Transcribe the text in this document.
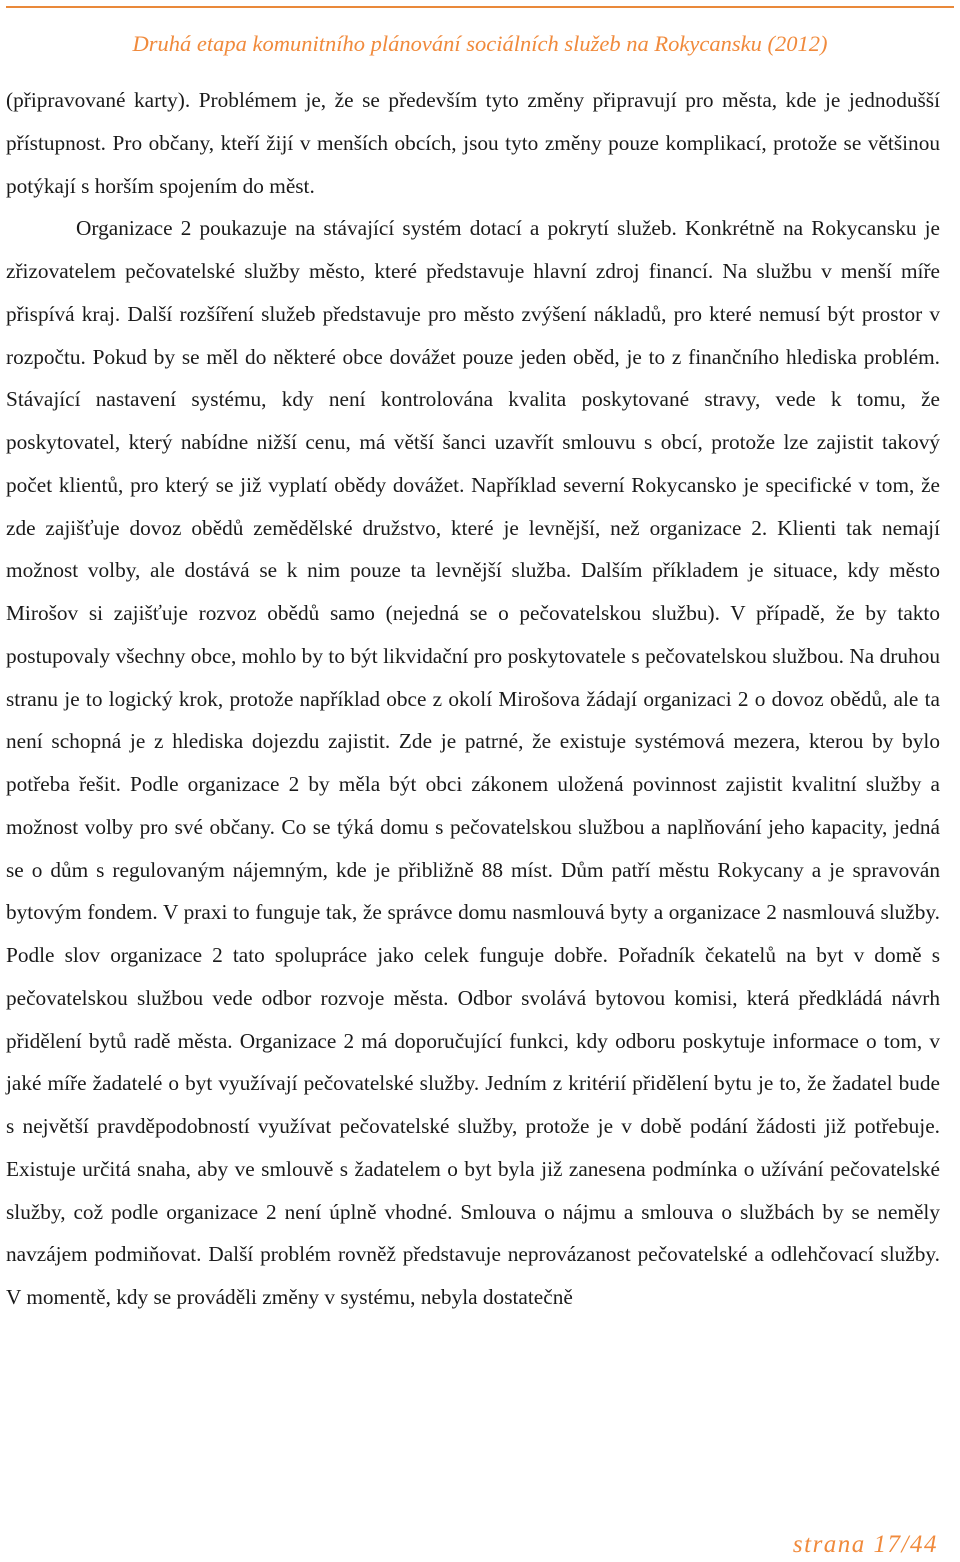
Druhá etapa komunitního plánování sociálních služeb na Rokycansku (2012)

(připravované karty). Problémem je, že se především tyto změny připravují pro města, kde je jednodušší přístupnost. Pro občany, kteří žijí v menších obcích, jsou tyto změny pouze komplikací, protože se většinou potýkají s horším spojením do měst.

Organizace 2 poukazuje na stávající systém dotací a pokrytí služeb. Konkrétně na Rokycansku je zřizovatelem pečovatelské služby město, které představuje hlavní zdroj financí. Na službu v menší míře přispívá kraj. Další rozšíření služeb představuje pro město zvýšení nákladů, pro které nemusí být prostor v rozpočtu. Pokud by se měl do některé obce dovážet pouze jeden oběd, je to z finančního hlediska problém. Stávající nastavení systému, kdy není kontrolována kvalita poskytované stravy, vede k tomu, že poskytovatel, který nabídne nižší cenu, má větší šanci uzavřít smlouvu s obcí, protože lze zajistit takový počet klientů, pro který se již vyplatí obědy dovážet. Například severní Rokycansko je specifické v tom, že zde zajišťuje dovoz obědů zemědělské družstvo, které je levnější, než organizace 2. Klienti tak nemají možnost volby, ale dostává se k nim pouze ta levnější služba. Dalším příkladem je situace, kdy město Mirošov si zajišťuje rozvoz obědů samo (nejedná se o pečovatelskou službu). V případě, že by takto postupovaly všechny obce, mohlo by to být likvidační pro poskytovatele s pečovatelskou službou. Na druhou stranu je to logický krok, protože například obce z okolí Mirošova žádají organizaci 2 o dovoz obědů, ale ta není schopná je z hlediska dojezdu zajistit. Zde je patrné, že existuje systémová mezera, kterou by bylo potřeba řešit. Podle organizace 2 by měla být obci zákonem uložená povinnost zajistit kvalitní služby a možnost volby pro své občany. Co se týká domu s pečovatelskou službou a naplňování jeho kapacity, jedná se o dům s regulovaným nájemným, kde je přibližně 88 míst. Dům patří městu Rokycany a je spravován bytovým fondem. V praxi to funguje tak, že správce domu nasmlouvá byty a organizace 2 nasmlouvá služby. Podle slov organizace 2 tato spolupráce jako celek funguje dobře. Pořadník čekatelů na byt v domě s pečovatelskou službou vede odbor rozvoje města. Odbor svolává bytovou komisi, která předkládá návrh přidělení bytů radě města. Organizace 2 má doporučující funkci, kdy odboru poskytuje informace o tom, v jaké míře žadatelé o byt využívají pečovatelské služby. Jedním z kritérií přidělení bytu je to, že žadatel bude s největší pravděpodobností využívat pečovatelské služby, protože je v době podání žádosti již potřebuje. Existuje určitá snaha, aby ve smlouvě s žadatelem o byt byla již zanesena podmínka o užívání pečovatelské služby, což podle organizace 2 není úplně vhodné. Smlouva o nájmu a smlouva o službách by se neměly navzájem podmiňovat. Další problém rovněž představuje neprovázanost pečovatelské a odlehčovací služby. V momentě, kdy se prováděli změny v systému, nebyla dostatečně

strana 17/44
